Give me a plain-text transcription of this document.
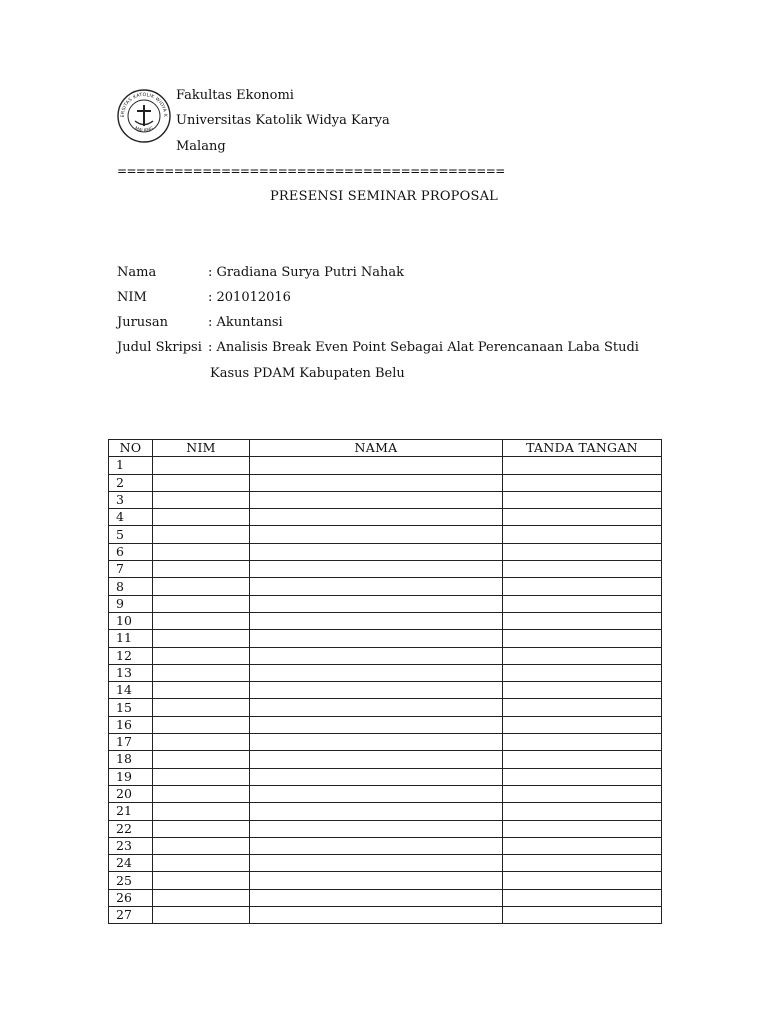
ERSITAS KATOLIK WIDYA K
MALANG
Fakultas Ekonomi
Universitas Katolik Widya Karya
Malang
=========================================
PRESENSI SEMINAR PROPOSAL
Nama	: Gradiana Surya Putri Nahak
NIM	: 201012016
Jurusan	: Akuntansi
Judul Skripsi : Analisis Break Even Point Sebagai Alat Perencanaan Laba Studi
Kasus PDAM Kabupaten Belu
NO	NIM	NAMA	TANDA TANGAN
1			
2			
3			
4			
5			
6			
7			
8			
9			
10			
11			
12			
13			
14			
15			
16			
17			
18			
19			
20			
21			
22			
23			
24			
25			
26			
27			
